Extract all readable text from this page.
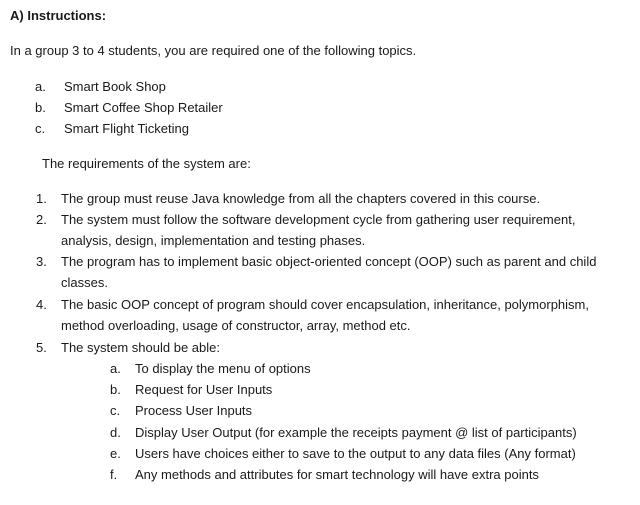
A) Instructions:
In a group 3 to 4 students, you are required one of the following topics.
a. Smart Book Shop
b. Smart Coffee Shop Retailer
c. Smart Flight Ticketing
The requirements of the system are:
1. The group must reuse Java knowledge from all the chapters covered in this course.
2. The system must follow the software development cycle from gathering user requirement,
analysis, design, implementation and testing phases.
3. The program has to implement basic object-oriented concept (OOP) such as parent and child
classes.
4. The basic OOP concept of program should cover encapsulation, inheritance, polymorphism,
method overloading, usage of constructor, array, method etc.
5. The system should be able:
a. To display the menu of options
b. Request for User Inputs
c. Process User Inputs
d. Display User Output (for example the receipts payment @ list of participants)
e. Users have choices either to save to the output to any data files (Any format)
f. Any methods and attributes for smart technology will have extra points
